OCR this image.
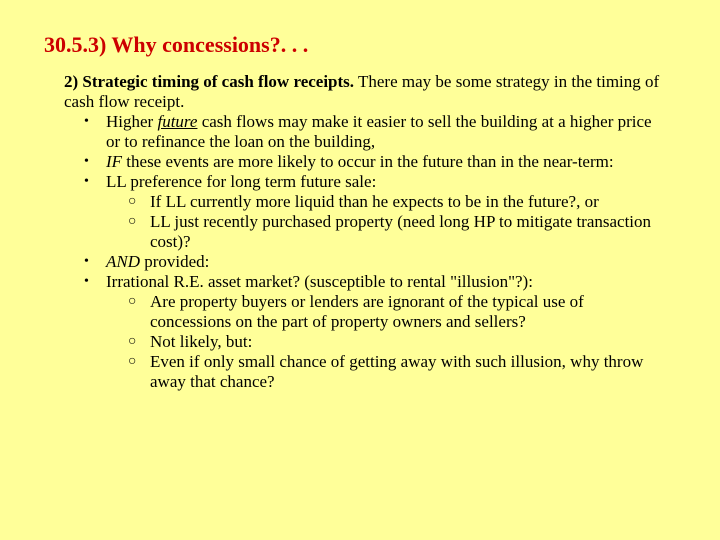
30.5.3) Why concessions?. . .
2) Strategic timing of cash flow receipts. There may be some strategy in the timing of cash flow receipt.
• Higher future cash flows may make it easier to sell the building at a higher price or to refinance the loan on the building,
• IF these events are more likely to occur in the future than in the near-term:
• LL preference for long term future sale:
○ If LL currently more liquid than he expects to be in the future?, or
○ LL just recently purchased property (need long HP to mitigate transaction cost)?
• AND provided:
• Irrational R.E. asset market? (susceptible to rental "illusion"?):
○ Are property buyers or lenders are ignorant of the typical use of concessions on the part of property owners and sellers?
○ Not likely, but:
○ Even if only small chance of getting away with such illusion, why throw away that chance?
